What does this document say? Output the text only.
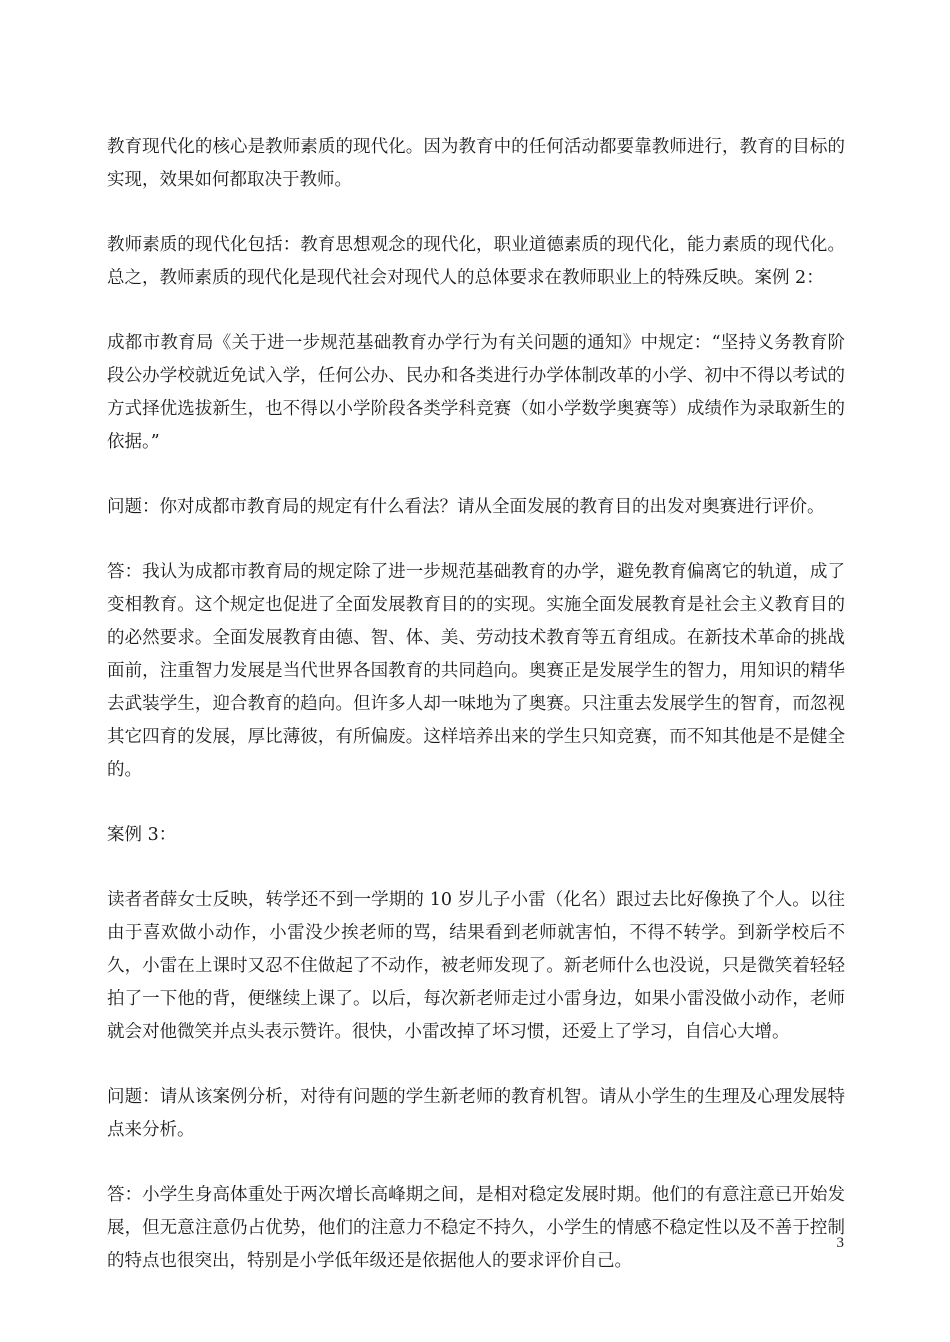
教育现代化的核心是教师素质的现代化。因为教育中的任何活动都要靠教师进行，教育的目标的实现，效果如何都取决于教师。

教师素质的现代化包括：教育思想观念的现代化，职业道德素质的现代化，能力素质的现代化。总之，教师素质的现代化是现代社会对现代人的总体要求在教师职业上的特殊反映。案例 2：

成都市教育局《关于进一步规范基础教育办学行为有关问题的通知》中规定：“坚持义务教育阶段公办学校就近免试入学，任何公办、民办和各类进行办学体制改革的小学、初中不得以考试的方式择优选拔新生，也不得以小学阶段各类学科竞赛（如小学数学奥赛等）成绩作为录取新生的依据。”

问题：你对成都市教育局的规定有什么看法？请从全面发展的教育目的出发对奥赛进行评价。

答：我认为成都市教育局的规定除了进一步规范基础教育的办学，避免教育偏离它的轨道，成了变相教育。这个规定也促进了全面发展教育目的的实现。实施全面发展教育是社会主义教育目的的必然要求。全面发展教育由德、智、体、美、劳动技术教育等五育组成。在新技术革命的挑战面前，注重智力发展是当代世界各国教育的共同趋向。奥赛正是发展学生的智力，用知识的精华去武装学生，迎合教育的趋向。但许多人却一味地为了奥赛。只注重去发展学生的智育，而忽视其它四育的发展，厚比薄彼，有所偏废。这样培养出来的学生只知竞赛，而不知其他是不是健全的。

案例 3：

读者者薛女士反映，转学还不到一学期的 10 岁儿子小雷（化名）跟过去比好像换了个人。以往由于喜欢做小动作，小雷没少挨老师的骂，结果看到老师就害怕，不得不转学。到新学校后不久，小雷在上课时又忍不住做起了不动作，被老师发现了。新老师什么也没说，只是微笑着轻轻拍了一下他的背，便继续上课了。以后，每次新老师走过小雷身边，如果小雷没做小动作，老师就会对他微笑并点头表示赞许。很快，小雷改掉了坏习惯，还爱上了学习，自信心大增。

问题：请从该案例分析，对待有问题的学生新老师的教育机智。请从小学生的生理及心理发展特点来分析。

答：小学生身高体重处于两次增长高峰期之间，是相对稳定发展时期。他们的有意注意已开始发展，但无意注意仍占优势，他们的注意力不稳定不持久，小学生的情感不稳定性以及不善于控制的特点也很突出，特别是小学低年级还是依据他人的要求评价自己。

3
